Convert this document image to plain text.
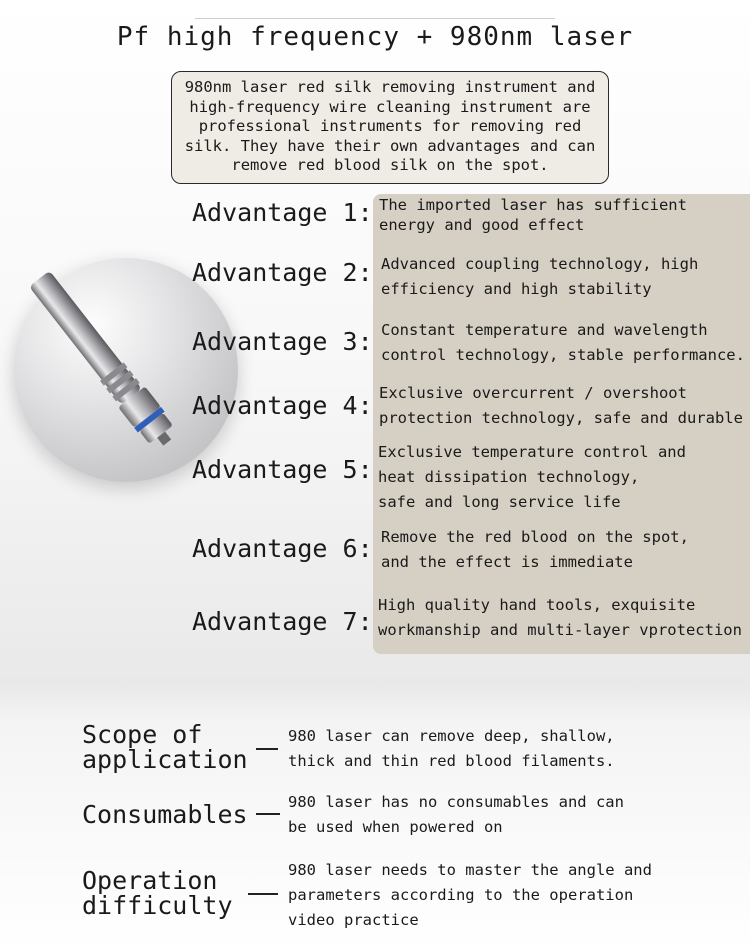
Pf high frequency + 980nm laser
980nm laser red silk removing instrument and high-frequency wire cleaning instrument are professional instruments for removing red silk. They have their own advantages and can remove red blood silk on the spot.
Advantage 1: The imported laser has sufficient
energy and good effect
Advantage 2: Advanced coupling technology, high
efficiency and high stability
Advantage 3: Constant temperature and wavelength
control technology, stable performance.
Advantage 4: Exclusive overcurrent / overshoot
protection technology, safe and durable
Advantage 5:
Exclusive temperature control and
heat dissipation technology,
safe and long service life
Advantage 6: Remove the red blood on the spot,
and the effect is immediate
Advantage 7:
High quality hand tools, exquisite
workmanship and multi-layer vprotection
Scope of
application
980 laser can remove deep, shallow,
thick and thin red blood filaments.
Consumables	980 laser has no consumables and can
be used when powered on
Operation
difficulty
980 laser needs to master the angle and
parameters according to the operation
video practice
